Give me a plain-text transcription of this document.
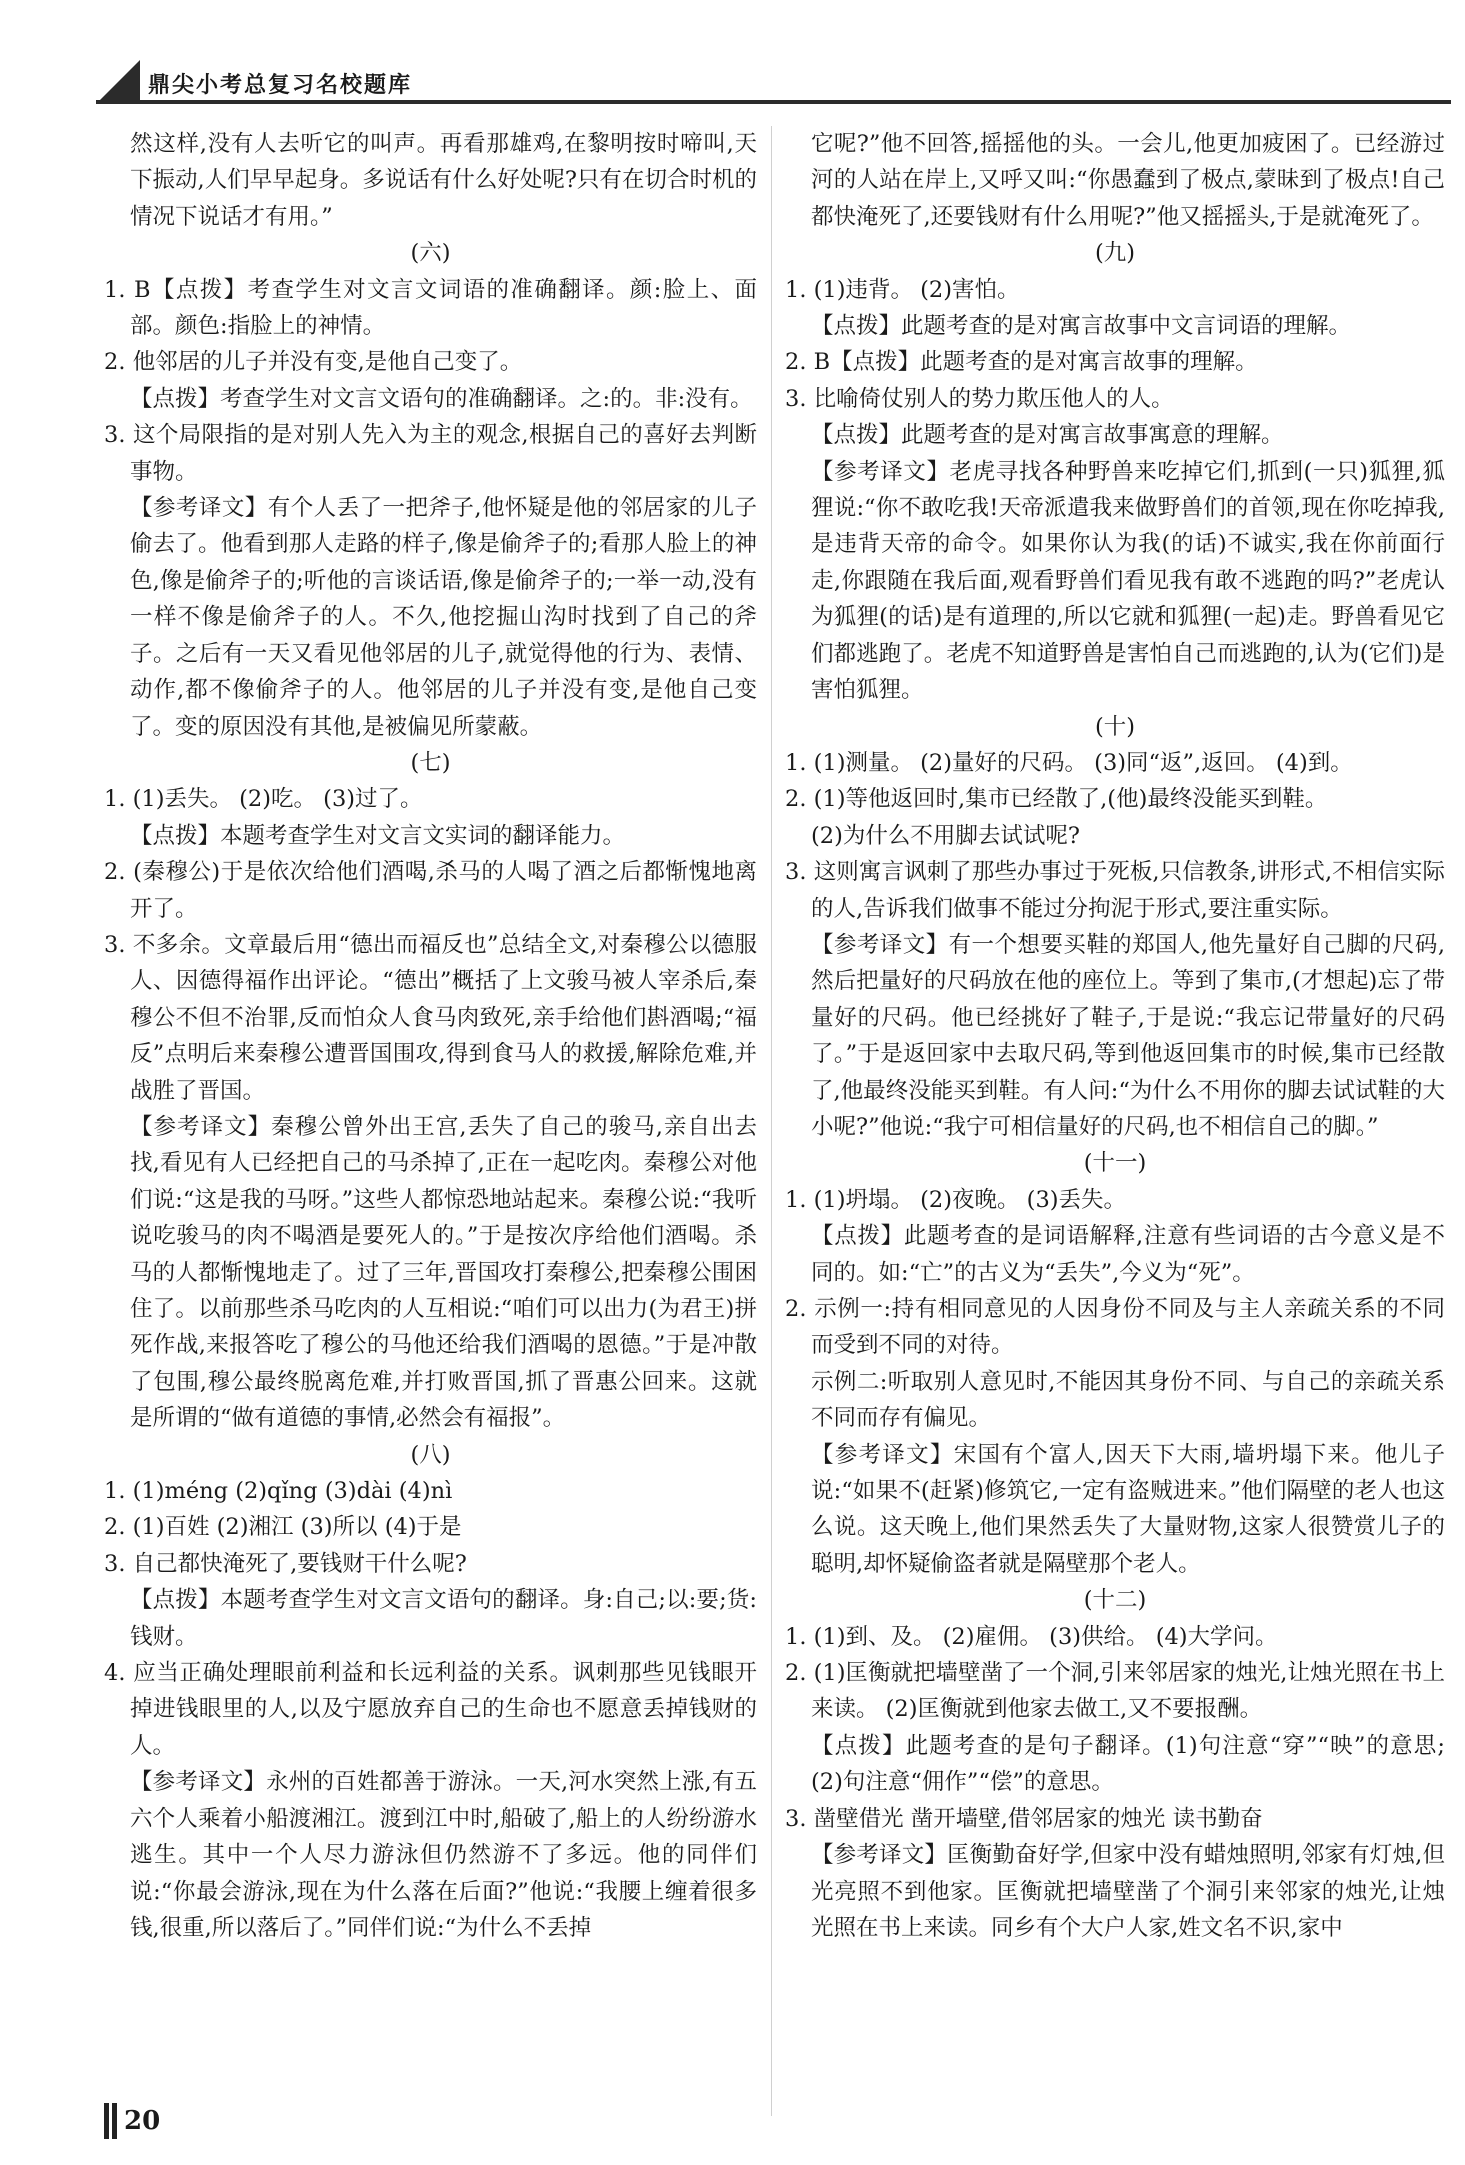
鼎尖小考总复习名校题库

然这样,没有人去听它的叫声。再看那雄鸡,在黎明按时啼叫,天下振动,人们早早起身。多说话有什么好处呢?只有在切合时机的情况下说话才有用。”

(六)

1. B【点拨】考查学生对文言文词语的准确翻译。颜:脸上、面部。颜色:指脸上的神情。

2. 他邻居的儿子并没有变,是他自己变了。

【点拨】考查学生对文言文语句的准确翻译。之:的。非:没有。

3. 这个局限指的是对别人先入为主的观念,根据自己的喜好去判断事物。

【参考译文】有个人丢了一把斧子,他怀疑是他的邻居家的儿子偷去了。他看到那人走路的样子,像是偷斧子的;看那人脸上的神色,像是偷斧子的;听他的言谈话语,像是偷斧子的;一举一动,没有一样不像是偷斧子的人。不久,他挖掘山沟时找到了自己的斧子。之后有一天又看见他邻居的儿子,就觉得他的行为、表情、动作,都不像偷斧子的人。他邻居的儿子并没有变,是他自己变了。变的原因没有其他,是被偏见所蒙蔽。

(七)

1. (1)丢失。 (2)吃。 (3)过了。

【点拨】本题考查学生对文言文实词的翻译能力。

2. (秦穆公)于是依次给他们酒喝,杀马的人喝了酒之后都惭愧地离开了。

3. 不多余。文章最后用“德出而福反也”总结全文,对秦穆公以德服人、因德得福作出评论。“德出”概括了上文骏马被人宰杀后,秦穆公不但不治罪,反而怕众人食马肉致死,亲手给他们斟酒喝;“福反”点明后来秦穆公遭晋国围攻,得到食马人的救援,解除危难,并战胜了晋国。

【参考译文】秦穆公曾外出王宫,丢失了自己的骏马,亲自出去找,看见有人已经把自己的马杀掉了,正在一起吃肉。秦穆公对他们说:“这是我的马呀。”这些人都惊恐地站起来。秦穆公说:“我听说吃骏马的肉不喝酒是要死人的。”于是按次序给他们酒喝。杀马的人都惭愧地走了。过了三年,晋国攻打秦穆公,把秦穆公围困住了。以前那些杀马吃肉的人互相说:“咱们可以出力(为君王)拼死作战,来报答吃了穆公的马他还给我们酒喝的恩德。”于是冲散了包围,穆公最终脱离危难,并打败晋国,抓了晋惠公回来。这就是所谓的“做有道德的事情,必然会有福报”。

(八)

1. (1)méng (2)qǐng (3)dài (4)nì

2. (1)百姓 (2)湘江 (3)所以 (4)于是

3. 自己都快淹死了,要钱财干什么呢?

【点拨】本题考查学生对文言文语句的翻译。身:自己;以:要;货:钱财。

4. 应当正确处理眼前利益和长远利益的关系。讽刺那些见钱眼开掉进钱眼里的人,以及宁愿放弃自己的生命也不愿意丢掉钱财的人。

【参考译文】永州的百姓都善于游泳。一天,河水突然上涨,有五六个人乘着小船渡湘江。渡到江中时,船破了,船上的人纷纷游水逃生。其中一个人尽力游泳但仍然游不了多远。他的同伴们说:“你最会游泳,现在为什么落在后面?”他说:“我腰上缠着很多钱,很重,所以落后了。”同伴们说:“为什么不丢掉

它呢?”他不回答,摇摇他的头。一会儿,他更加疲困了。已经游过河的人站在岸上,又呼又叫:“你愚蠢到了极点,蒙昧到了极点!自己都快淹死了,还要钱财有什么用呢?”他又摇摇头,于是就淹死了。

(九)

1. (1)违背。 (2)害怕。

【点拨】此题考查的是对寓言故事中文言词语的理解。

2. B【点拨】此题考查的是对寓言故事的理解。

3. 比喻倚仗别人的势力欺压他人的人。

【点拨】此题考查的是对寓言故事寓意的理解。

【参考译文】老虎寻找各种野兽来吃掉它们,抓到(一只)狐狸,狐狸说:“你不敢吃我!天帝派遣我来做野兽们的首领,现在你吃掉我,是违背天帝的命令。如果你认为我(的话)不诚实,我在你前面行走,你跟随在我后面,观看野兽们看见我有敢不逃跑的吗?”老虎认为狐狸(的话)是有道理的,所以它就和狐狸(一起)走。野兽看见它们都逃跑了。老虎不知道野兽是害怕自己而逃跑的,认为(它们)是害怕狐狸。

(十)

1. (1)测量。 (2)量好的尺码。 (3)同“返”,返回。 (4)到。

2. (1)等他返回时,集市已经散了,(他)最终没能买到鞋。

(2)为什么不用脚去试试呢?

3. 这则寓言讽刺了那些办事过于死板,只信教条,讲形式,不相信实际的人,告诉我们做事不能过分拘泥于形式,要注重实际。

【参考译文】有一个想要买鞋的郑国人,他先量好自己脚的尺码,然后把量好的尺码放在他的座位上。等到了集市,(才想起)忘了带量好的尺码。他已经挑好了鞋子,于是说:“我忘记带量好的尺码了。”于是返回家中去取尺码,等到他返回集市的时候,集市已经散了,他最终没能买到鞋。有人问:“为什么不用你的脚去试试鞋的大小呢?”他说:“我宁可相信量好的尺码,也不相信自己的脚。”

(十一)

1. (1)坍塌。 (2)夜晚。 (3)丢失。

【点拨】此题考查的是词语解释,注意有些词语的古今意义是不同的。如:“亡”的古义为“丢失”,今义为“死”。

2. 示例一:持有相同意见的人因身份不同及与主人亲疏关系的不同而受到不同的对待。

示例二:听取别人意见时,不能因其身份不同、与自己的亲疏关系不同而存有偏见。

【参考译文】宋国有个富人,因天下大雨,墙坍塌下来。他儿子说:“如果不(赶紧)修筑它,一定有盗贼进来。”他们隔壁的老人也这么说。这天晚上,他们果然丢失了大量财物,这家人很赞赏儿子的聪明,却怀疑偷盗者就是隔壁那个老人。

(十二)

1. (1)到、及。 (2)雇佣。 (3)供给。 (4)大学问。

2. (1)匡衡就把墙壁凿了一个洞,引来邻居家的烛光,让烛光照在书上来读。 (2)匡衡就到他家去做工,又不要报酬。

【点拨】此题考查的是句子翻译。(1)句注意“穿”“映”的意思;(2)句注意“佣作”“偿”的意思。

3. 凿壁借光 凿开墙壁,借邻居家的烛光 读书勤奋

【参考译文】匡衡勤奋好学,但家中没有蜡烛照明,邻家有灯烛,但光亮照不到他家。匡衡就把墙壁凿了个洞引来邻家的烛光,让烛光照在书上来读。同乡有个大户人家,姓文名不识,家中

20
